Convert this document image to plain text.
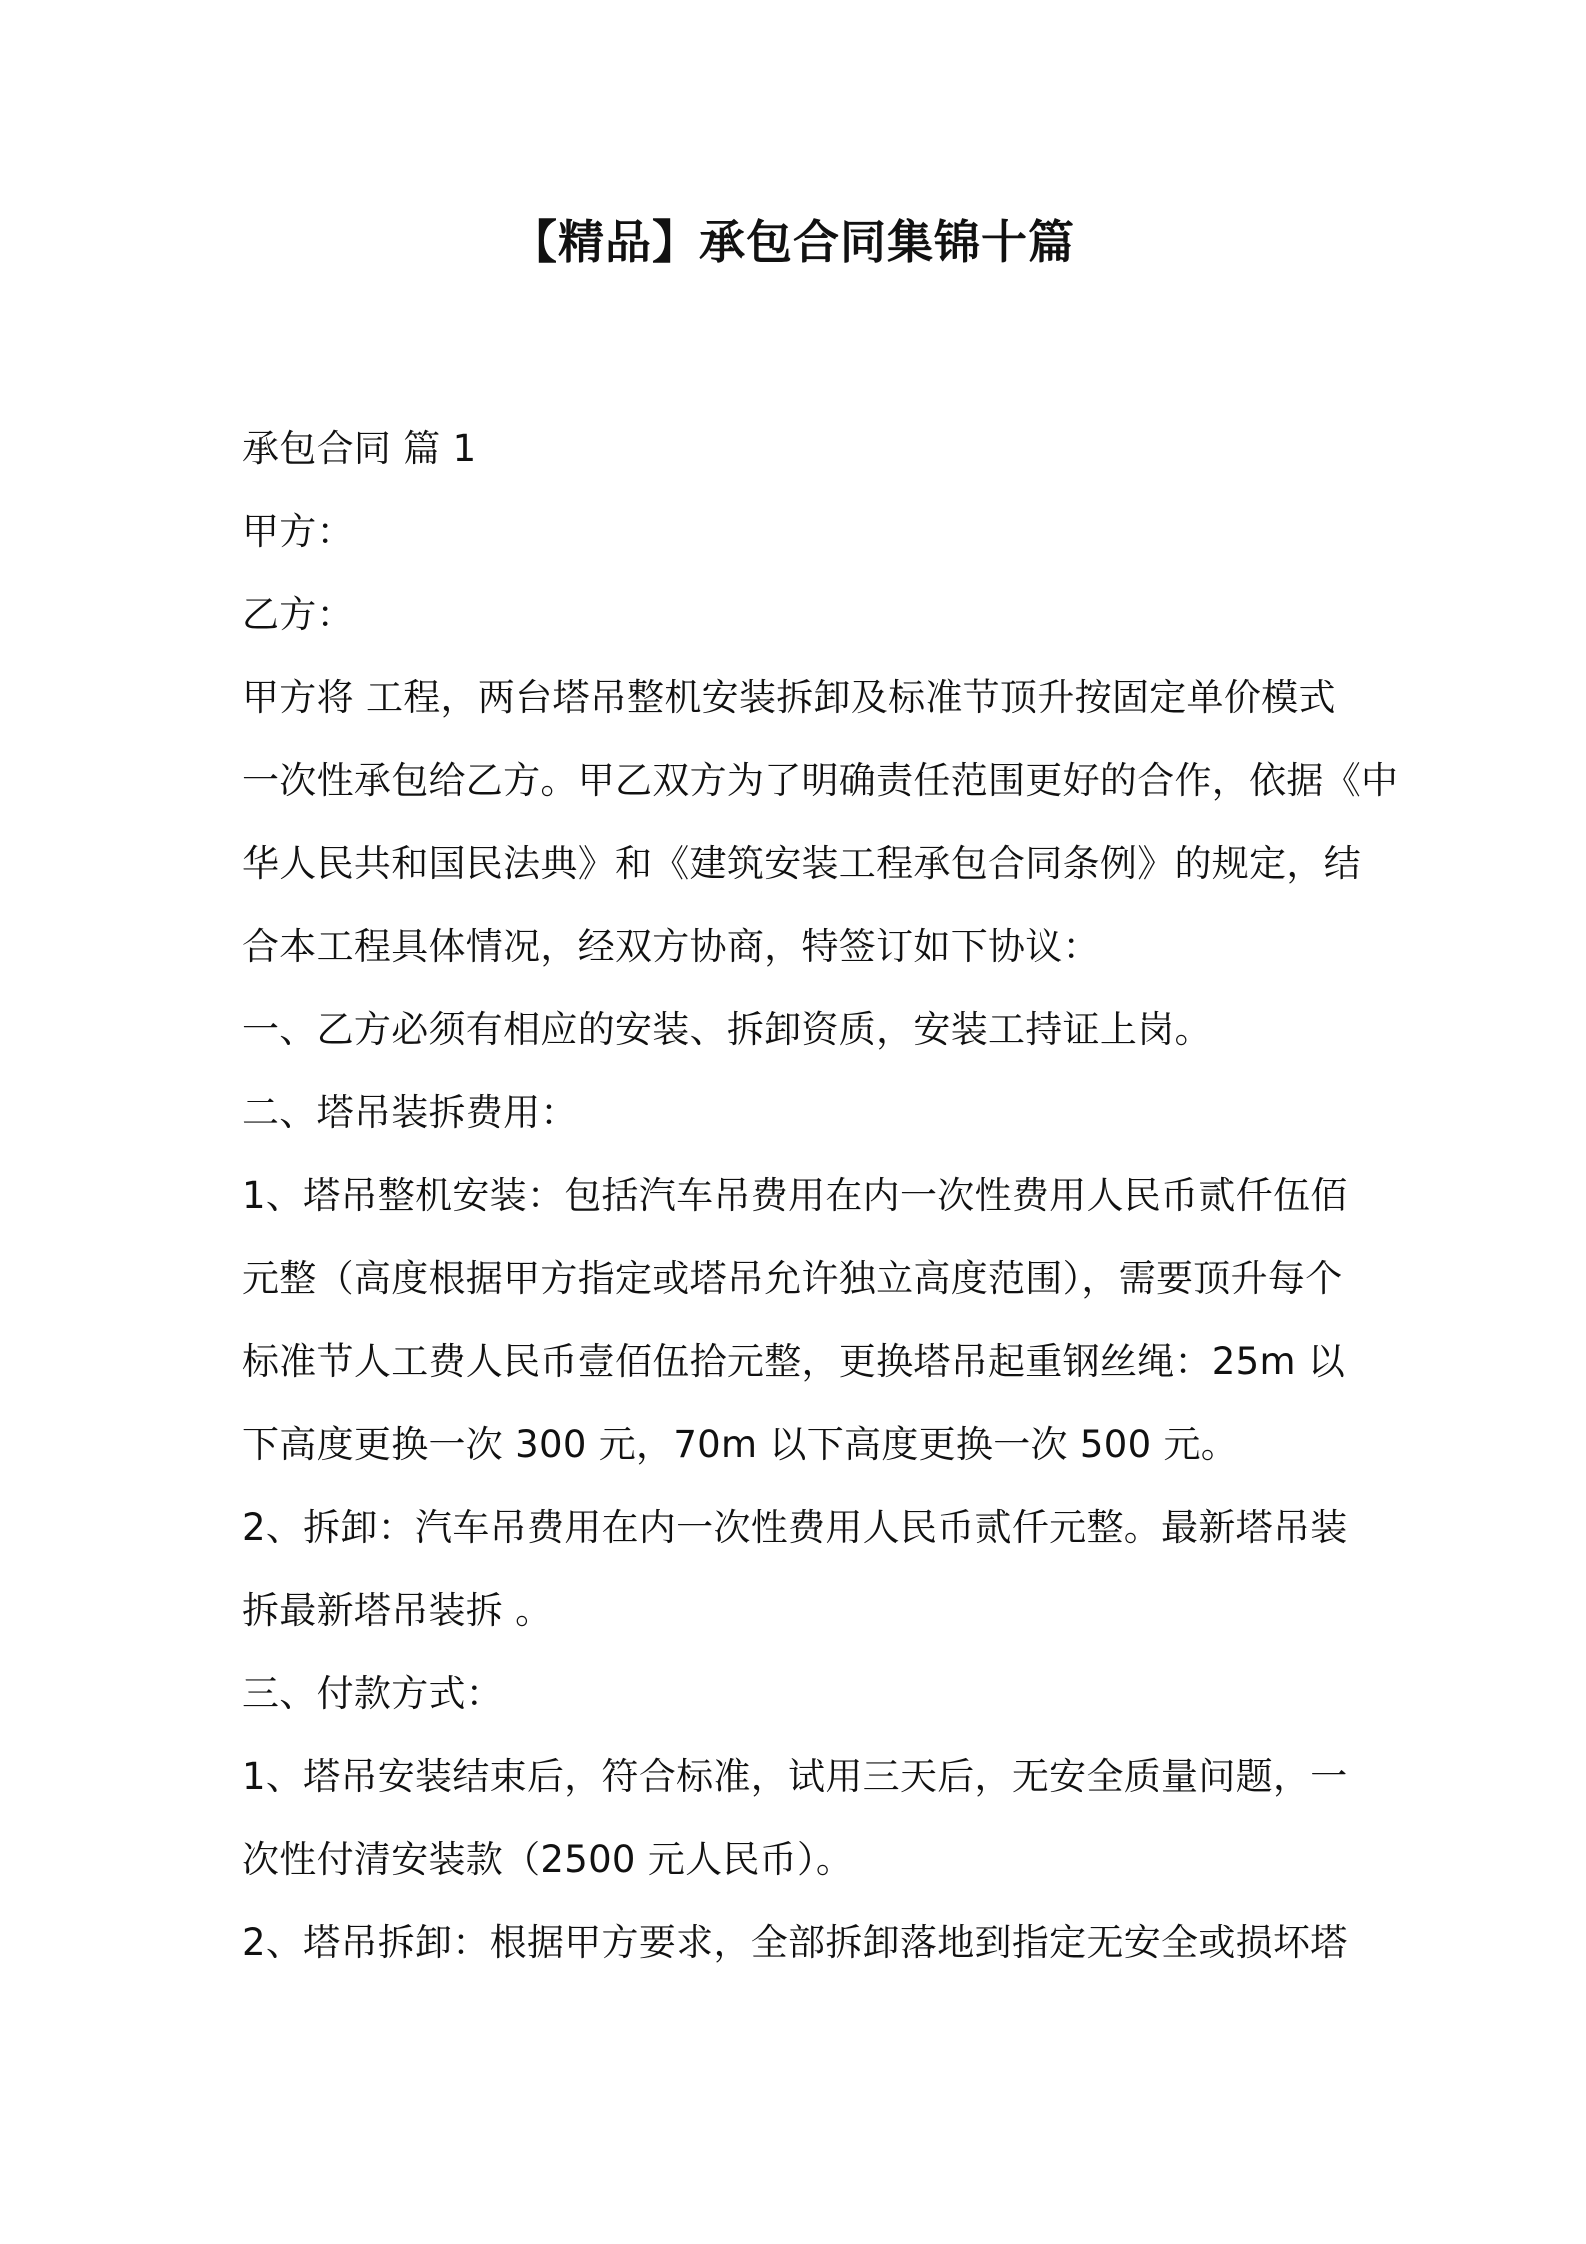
【精品】承包合同集锦十篇
承包合同 篇 1
甲方：
乙方：
甲方将 工程，两台塔吊整机安装拆卸及标准节顶升按固定单价模式
一次性承包给乙方。甲乙双方为了明确责任范围更好的合作，依据《中
华人民共和国民法典》和《建筑安装工程承包合同条例》的规定，结
合本工程具体情况，经双方协商，特签订如下协议：
一、乙方必须有相应的安装、拆卸资质，安装工持证上岗。
二、塔吊装拆费用：
1、塔吊整机安装：包括汽车吊费用在内一次性费用人民币贰仟伍佰
元整（高度根据甲方指定或塔吊允许独立高度范围），需要顶升每个
标准节人工费人民币壹佰伍拾元整，更换塔吊起重钢丝绳：25m 以
下高度更换一次 300 元，70m 以下高度更换一次 500 元。
2、拆卸：汽车吊费用在内一次性费用人民币贰仟元整。最新塔吊装
拆最新塔吊装拆 。
三、付款方式：
1、塔吊安装结束后，符合标准，试用三天后，无安全质量问题，一
次性付清安装款（2500 元人民币）。
2、塔吊拆卸：根据甲方要求，全部拆卸落地到指定无安全或损坏塔
